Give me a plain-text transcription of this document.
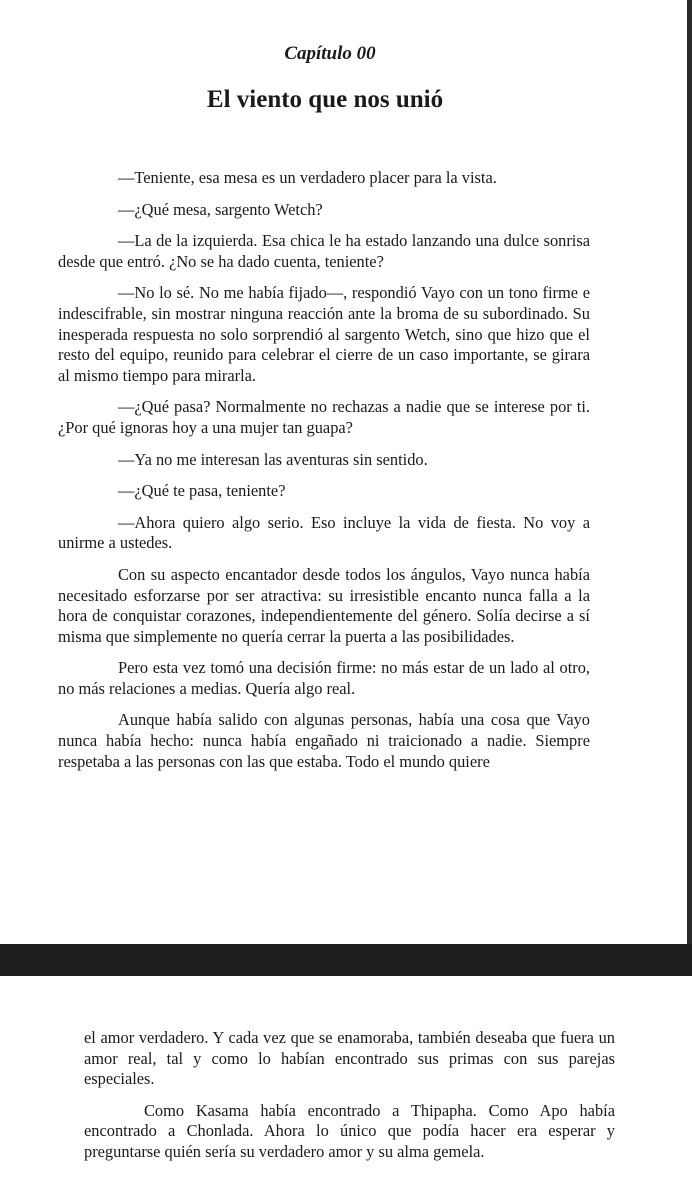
Capítulo 00
El viento que nos unió

—Teniente, esa mesa es un verdadero placer para la vista.

—¿Qué mesa, sargento Wetch?

—La de la izquierda. Esa chica le ha estado lanzando una dulce sonrisa desde que entró. ¿No se ha dado cuenta, teniente?

—No lo sé. No me había fijado—, respondió Vayo con un tono firme e indescifrable, sin mostrar ninguna reacción ante la broma de su subordinado. Su inesperada respuesta no solo sorprendió al sargento Wetch, sino que hizo que el resto del equipo, reunido para celebrar el cierre de un caso importante, se girara al mismo tiempo para mirarla.

—¿Qué pasa? Normalmente no rechazas a nadie que se interese por ti. ¿Por qué ignoras hoy a una mujer tan guapa?

—Ya no me interesan las aventuras sin sentido.

—¿Qué te pasa, teniente?

—Ahora quiero algo serio. Eso incluye la vida de fiesta. No voy a unirme a ustedes.

Con su aspecto encantador desde todos los ángulos, Vayo nunca había necesitado esforzarse por ser atractiva: su irresistible encanto nunca falla a la hora de conquistar corazones, independientemente del género. Solía decirse a sí misma que simplemente no quería cerrar la puerta a las posibilidades.

Pero esta vez tomó una decisión firme: no más estar de un lado al otro, no más relaciones a medias. Quería algo real.

Aunque había salido con algunas personas, había una cosa que Vayo nunca había hecho: nunca había engañado ni traicionado a nadie. Siempre respetaba a las personas con las que estaba. Todo el mundo quiere

el amor verdadero. Y cada vez que se enamoraba, también deseaba que fuera un amor real, tal y como lo habían encontrado sus primas con sus parejas especiales.

Como Kasama había encontrado a Thipapha. Como Apo había encontrado a Chonlada. Ahora lo único que podía hacer era esperar y preguntarse quién sería su verdadero amor y su alma gemela.
